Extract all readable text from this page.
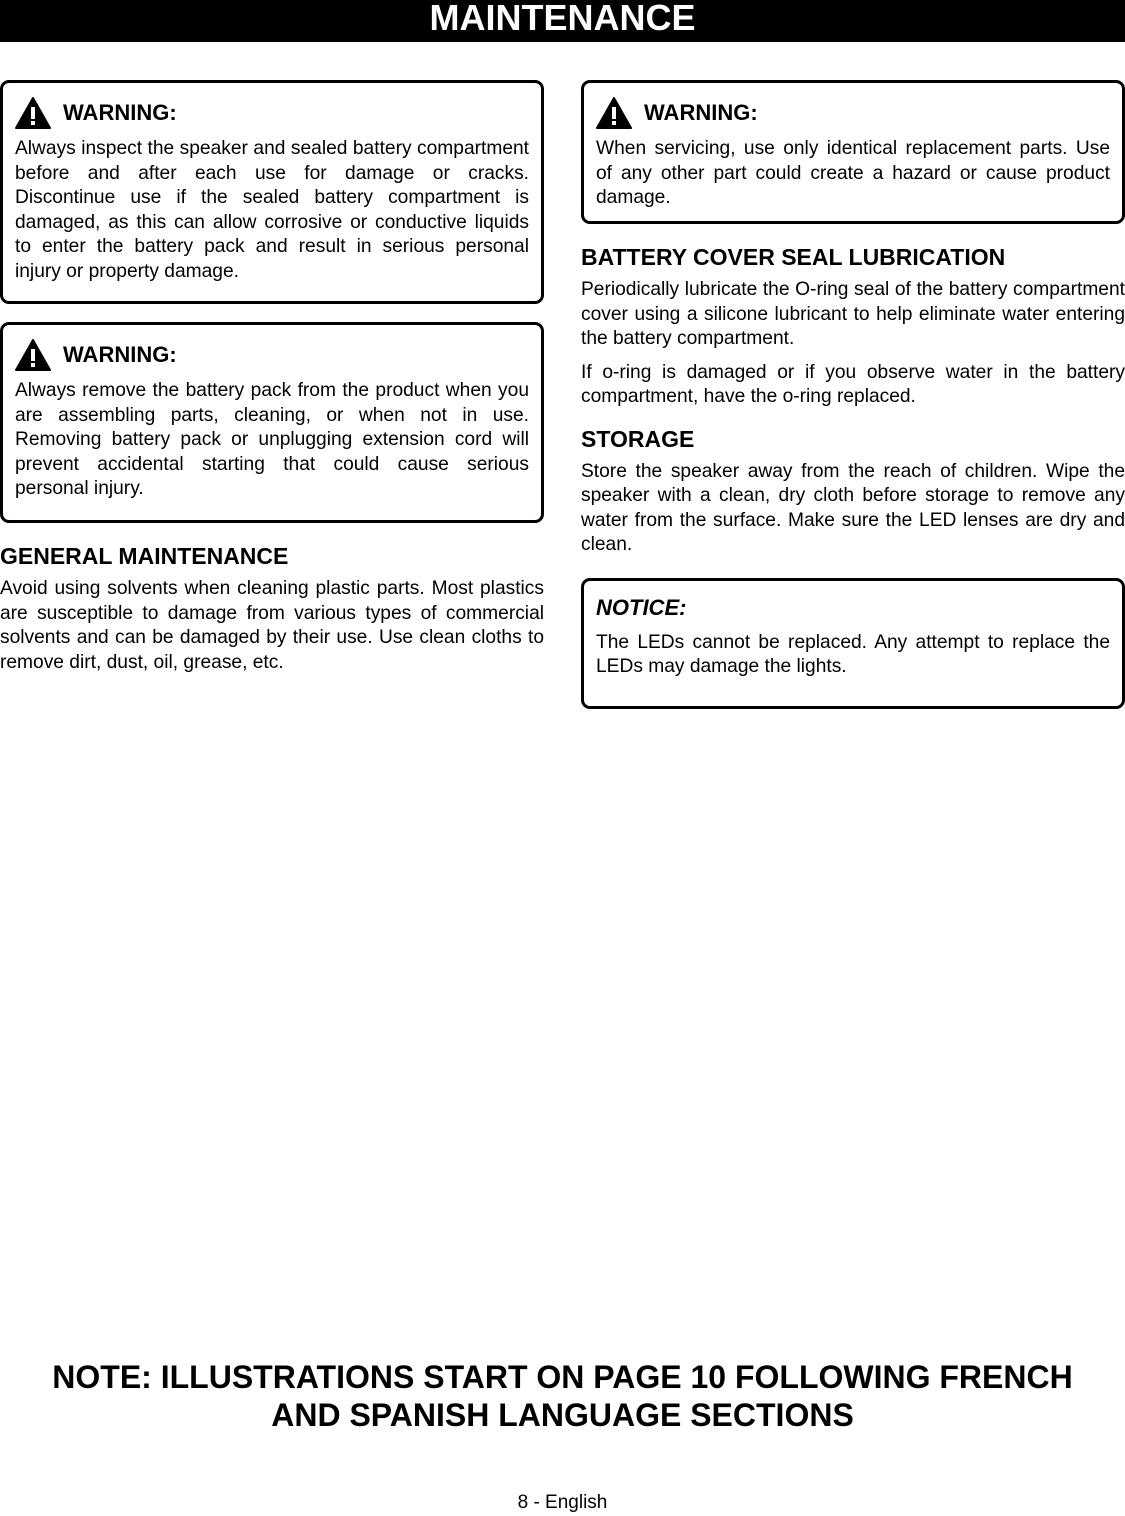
MAINTENANCE
WARNING:

Always inspect the speaker and sealed battery compartment before and after each use for damage or cracks. Discontinue use if the sealed battery compartment is damaged, as this can allow corrosive or conductive liquids to enter the battery pack and result in serious personal injury or property damage.

WARNING:

Always remove the battery pack from the product when you are assembling parts, cleaning, or when not in use. Removing battery pack or unplugging extension cord will prevent accidental starting that could cause serious personal injury.

GENERAL MAINTENANCE

Avoid using solvents when cleaning plastic parts. Most plastics are susceptible to damage from various types of commercial solvents and can be damaged by their use. Use clean cloths to remove dirt, dust, oil, grease, etc.

WARNING:

When servicing, use only identical replacement parts. Use of any other part could create a hazard or cause product damage.

BATTERY COVER SEAL LUBRICATION

Periodically lubricate the O-ring seal of the battery compartment cover using a silicone lubricant to help eliminate water entering the battery compartment.

If o-ring is damaged or if you observe water in the battery compartment, have the o-ring replaced.

STORAGE

Store the speaker away from the reach of children. Wipe the speaker with a clean, dry cloth before storage to remove any water from the surface. Make sure the LED lenses are dry and clean.

NOTICE:

The LEDs cannot be replaced. Any attempt to replace the LEDs may damage the lights.

NOTE: ILLUSTRATIONS START ON PAGE 10 FOLLOWING FRENCH
AND SPANISH LANGUAGE SECTIONS
8 - English
